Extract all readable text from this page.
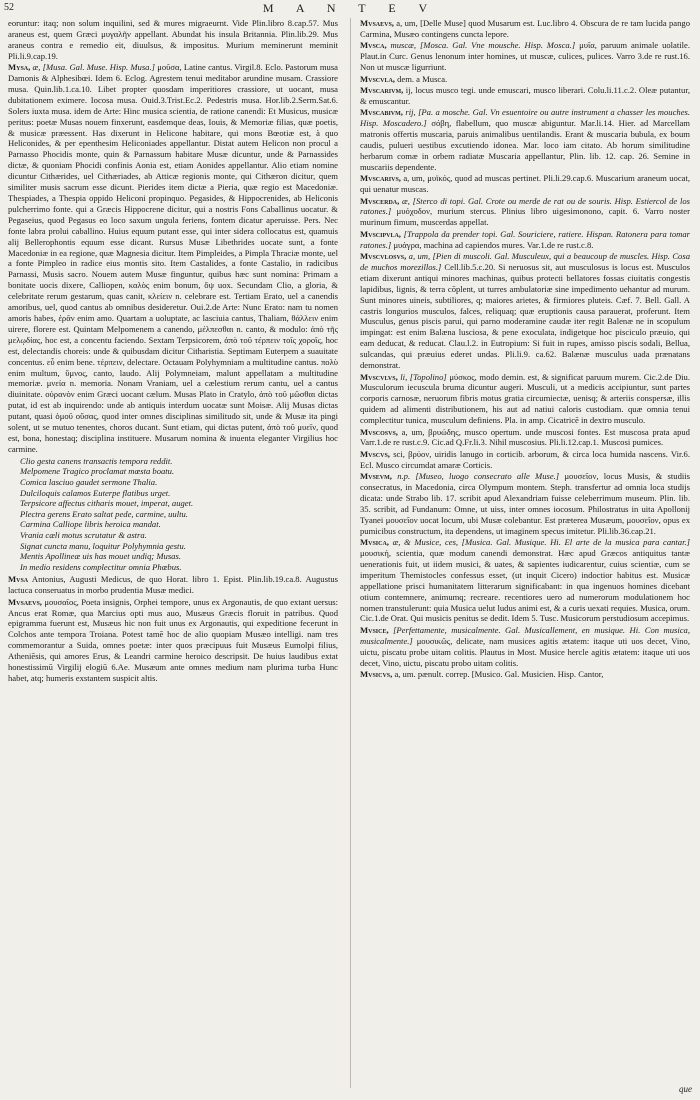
52	M A N T E V
eoruntur: itaq; non solum inquilini, sed & mures migraeurnt. Vide Plin.libro 8.cap.57. Mus araneus est, quem Græci μυγαλῆν appellant. Abundat his insula Britannia. Plin.lib.29. Mus araneus contra e remedio eit, diuulsus, & impositus. Murium meminerunt meminit Pli.li.9.cap.19.
Mysa, æ, [Musa. Gal. Muse. Hisp. Musa.] μοῦσα, Latine cantus. Virgil.8. Eclo. Pastorum musa Damonis & Alphesibœi. Idem 6. Eclog. Agrestem tenui meditabor arundine musam. Crassiore musa. Quin.lib.1.ca.10. Libet propter quosdam imperitiores crassiore, ut uocant, musa dubitationem eximere. Iocosa musa. Ouid.3.Trist.Ec.2. Pedestris musa. Hor.lib.2.Serm.Sat.6. Solers iuxta musa. idem de Arte: Hinc musica scientia, de ratione canendi: Et Musicus, musicæ peritus: poetæ Musas nouem finxerunt, easdemque deas, Iouis, & Memoriæ filias, quæ poetis, & musicæ præessent. Has dixerunt in Helicone habitare, qui mons Bœotiæ est, à quo Heliconides, & per epenthesim Heliconiades appellantur. Distat autem Helicon non procul a Parnasso Phocidis monte, quin & Parnassum habitare Musæ dicuntur, unde & Parnassides dictæ, & quoniam Phocidi confinis Aonia est, etiam Aonides appellantur. Alio etiam nomine dicuntur Cithærides, uel Cithæriades, ab Atticæ regionis monte, qui Cithæron dicitur, quem similiter musis sacrum esse dicunt. Pierides item dictæ a Pieria, quæ regio est Macedoniæ. Thespiades, a Thespia oppido Heliconi propinquo. Pegasides, & Hippocrenides, ab Heliconis pulcherrimo fonte. qui a Græcis Hippocrene dicitur, qui a nostris Fons Caballinus uocatur. & Pegaseius, quod Pegasus eo loco saxum ungula feriens, fontem dicatur aperuisse. Pers. Nec fonte labra prolui caballino. Huius equum putant esse, qui inter sidera collocatus est, quamuis alij Bellerophontis equum esse dicant. Rursus Musæ Libethrides uocate sunt, a fonte Macedoniæ in ea regione, quæ Magnesia dicitur. Item Pimpleides, a Pimpla Thraciæ monte, uel a fonte Pimpleo in radice eius montis sito. Item Castalides, a fonte Castalio, in radicibus Parnassi, Musis sacro. Nouem autem Musæ finguntur, quibus hæc sunt nomina: Primam a bonitate uocis dixere, Calliopen, καλὸς enim bonum, ὄψ uox. Secundam Clio, a gloria, & celebritate rerum gestarum, quas canit, κλείειν n. celebrare est. Tertiam Erato, uel a canendis amoribus, uel, quod cantus ab omnibus desideretur. Oui.2.de Arte: Nunc Erato: nam tu nomen amoris habes, ἐρᾶν enim amo. Quartam a uoluptate, ac lasciuia cantus, Thaliam, θάλλειν enim uirere, florere est. Quintam Melpomenem a canendo, μέλπεσθαι n. canto, & modulo: ἀπὸ τῆς μελῳδίας, hoc est, a concentu faciendo. Sextam Terpsicorem, ἀπὸ τοῦ τέρπειν τοῖς χοροῖς, hoc est, delectandis choreis: unde & quibusdam dicitur Citharistia. Septimam Euterpem a suauitate concentus. εὖ enim bene. τέρπειν, delectare. Octauam Polyhymniam a multitudine cantus. πολὺ enim multum, ὕμνος, canto, laudo. Alij Polymneiam, malunt appellatam a multitudine memoriæ. μνεία n. memoria. Nonam Vraniam, uel a cælestium rerum cantu, uel a cantus diuinitate. οὐρανὸν enim Græci uocant cælum. Musas Plato in Cratylo, ἀπὸ τοῦ μῶσθαι dictas putat, id est ab inquirendo: unde ab antiquis interdum uocatæ sunt Moisæ. Alij Musas dictas putant, quasi ὁμοῦ οὔσας, quod inter omnes disciplinas similitudo sit, unde & Musæ ita pingi solent, ut se mutuo tenentes, choros ducant. Sunt etiam, qui dictas putent, ἀπὸ τοῦ μυεῖν, quod est, bona, honestaq; disciplina instituere. Musarum nomina & inuenta eleganter Virgilius hoc carmine.
Clio gesta canens transactis tempora reddit.
Melpomene Tragico proclamat mœsta boatu.
Comica lasciuo gaudet sermone Thalia.
Dulciloquis calamos Euterpe flatibus urget.
Terpsicore affectus citharis mouet, imperat, auget.
Plectra gerens Erato saltat pede, carmine, uultu.
Carmina Calliope libris heroica mandat.
Vrania cæli motus scrutatur & astra.
Signat cuncta manu, loquitur Polyhymnia gestu.
Mentis Apollineæ uis has mouet undiq; Musas.
In medio residens complectitur omnia Phœbus.
Mvsa Antonius, Augusti Medicus, de quo Horat. libro 1. Epist. Plin.lib.19.ca.8. Augustus lactuca conseruatus in morbo prudentia Musæ medici.
Mvsaevs, μουσαῖος, Poeta insignis, Orphei tempore, unus ex Argonautis, de quo extant uersus: Ancus erat Romæ, qua Marcius opti mus auo, Musæus Græcis floruit in patribus. Quod epigramma fuerunt est, Musæus hic non fuit unus ex Argonautis, qui expeditione fecerunt in Colchos ante tempora Troiana. Potest tamē hoc de alio quopiam Musæo intelligi. nam tres commemorantur a Suida, omnes poetæ: inter quos præcipuus fuit Musæus Eumolpi filius, Atheniēsis, qui amores Erus, & Leandri carmine heroico descripsit. De huius laudibus extat honestissimū Virgilij elogiū 6.Ae. Musæum ante omnes medium nam plurima turba Hunc habet, atq; humeris exstantem suspicit altis.
Mvsaevs, a, um, [Delle Muse] quod Musarum est. Luc.libro 4. Obscura de re tam lucida pango Carmina, Musæo contingens cuncta lepore.
Mvsca, muscæ, [Mosca. Gal. Vne mousche. Hisp. Mosca.] μυῖα, paruum animale uolatile. Plaut.in Curc. Genus lenonum inter homines, ut muscæ, culices, pulices. Varro 3.de re rust.16. Non ut muscæ ligurriunt.
Mvscvla, dem. a Musca.
Mvscarivm, ij, locus musco tegi. unde emuscari, musco liberari. Colu.li.11.c.2. Oleæ putantur, & emuscantur.
Mvscabivm, rij, [Pa. a mosche. Gal. Vn esuentoire ou autre instrument a chasser les mouches. Hisp. Moscadero.] σόβη, flabellum, quo muscæ abiguntur. Mar.li.14. Hier. ad Marcellam matronis offertis muscaria, paruis animalibus uentilandis. Erant & muscaria bubula, ex boum caudis, pulueri uestibus excutiendo idonea. Mar. loco iam citato. Ab horum similitudine herbarum comæ in orbem radiatæ Muscaria appellantur, Plin. lib. 12. cap. 26. Semine in muscariis dependente.
Mvscarivs, a, um, μυϊκός, quod ad muscas pertinet. Pli.li.29.cap.6. Muscarium araneum uocat, qui uenatur muscas.
Mvscerda, æ, [Sterco di topi. Gal. Crote ou merde de rat ou de souris. Hisp. Estiercol de los ratones.] μυόχοδον, murium stercus. Plinius libro uigesimonono, capit. 6. Varro noster murinum fimum, muscerdas appellat.
Mvscipvla, [Trappola da prender topi. Gal. Souriciere, ratiere. Hispan. Ratonera para tomar ratones.] μυάγρα, machina ad capiendos mures. Var.1.de re rust.c.8.
Mvscvlosvs, a, um, [Pien di muscoli. Gal. Musculeux, qui a beaucoup de muscles. Hisp. Cosa de muchos morezillos.] Cell.lib.5.c.20. Si neruosus sit, aut musculosus is locus est. Musculos etiam dixerunt antiqui minores machinas, quibus protecti bellatores fossas ciuitatis congestis lapidibus, lignis, & terra cōplent, ut turres ambulatoriæ sine impedimento uehantur ad murum. Sunt minores uineis, subtiliores, q; maiores arietes, & firmiores pluteis. Cæf. 7. Bell. Gall. A castris longurios musculos, falces, reliquaq; quæ eruptionis causa parauerat, proferunt. Item Musculus, genus piscis parui, qui parno moderamine caudæ iter regit Balenæ ne in scopulum impingat: est enim Balæna lusciosa, & pene exoculata, indigetque hoc pisciculo præuio, qui eam deducat, & reducat. Clau.l.2. in Eutropium: Si fuit in rupes, amisso piscis sodali, Bellua, sulcandas, qui præuius ederet undas. Pli.li.9. ca.62. Balænæ musculus uada prænatans demonstrat.
Mvscvlvs, li, [Topolino] μύσκος, modo demin. est, & significat paruum murem. Cic.2.de Diu. Musculorum iecuscula bruma dicuntur augeri. Musculi, ut a medicis accipiuntur, sunt partes corporis carnosæ, neruorum fibris motus gratia circumiectæ, uenisq; & arteriis conspersæ, illis quidem ad alimenti distributionem, his aut ad natiui caloris custodiam. quæ omnia tenui complectitur tunica, musculum definiens. Pla. in amp. Cicatricē in dextro musculo.
Mvscosvs, a, um, βρυώδης, musco opertum. unde muscosi fontes. Est muscosa prata apud Varr.1.de re rust.c.9. Cic.ad Q.Fr.li.3. Nihil muscosius. Pli.li.12.cap.1. Muscosi pumices.
Mvscvs, sci, βρύον, uiridis lanugo in corticib. arborum, & circa loca humida nascens. Vir.6. Ecl. Musco circumdat amaræ Corticis.
Mvsevm, n.p. [Museo, luogo consecrato alle Muse.] μουσεῖον, locus Musis, & studiis consecratus, in Macedonia, circa Olympum montem. Steph. transfertur ad omnia loca studijs dicata: unde Strabo lib. 17. scribit apud Alexandriam fuisse celeberrimum museum. Plin. lib. 35. scribit, ad Fundanum: Omne, ut uiss, inter omnes iocosum. Philostratus in uita Apollonij Tyanei μουσεῖον uocat locum, ubi Musæ colebantur. Est præterea Musæum, μουσεῖον, opus ex pumicibus constructum, ita dependens, ut imaginem specus imitetur. Pli.lib.36.cap.21.
Mvsica, æ, & Musice, ces, [Musica. Gal. Musique. Hi. El arte de la musica para cantar.] μουσική, scientia, quæ modum canendi demonstrat. Hæc apud Græcos antiquitus tantæ uenerationis fuit, ut iidem musici, & uates, & sapientes iudicarentur, cuius scientiæ, cum se imperitum Themistocles confessus esset, (ut inquit Cicero) indoctior habitus est. Musicæ appellatione prisci humanitatem litterarum significabant: in qua ingenuos homines dicebant otium contemnere, animumq; recreare. recentiores uero ad numerorum modulationem hoc nomen transtulerunt: quia Musica uelut ludus animi est, & a curis uexati requies. Musica, orum. Cic.1.de Orat. Qui musicis penitus se dedit. Idem 5. Tusc. Musicorum perstudiosum accepimus.
Mvsice, [Perfettamente, musicalmente. Gal. Musicallement, en musique. Hi. Con musica, musicalmente.] μουσικῶς, delicate, nam musices agitis ætatem: itaque uti uos decet, Vino, uictu, piscatu probe uitam colitis. Plautus in Most. Musice hercle agitis ætatem: itaque uti uos decet, Vino, uictu, piscatu probo uitam colitis.
Mvsicvs, a, um. pænult. correp. [Musico. Gal. Musicien. Hisp. Cantor,
que
